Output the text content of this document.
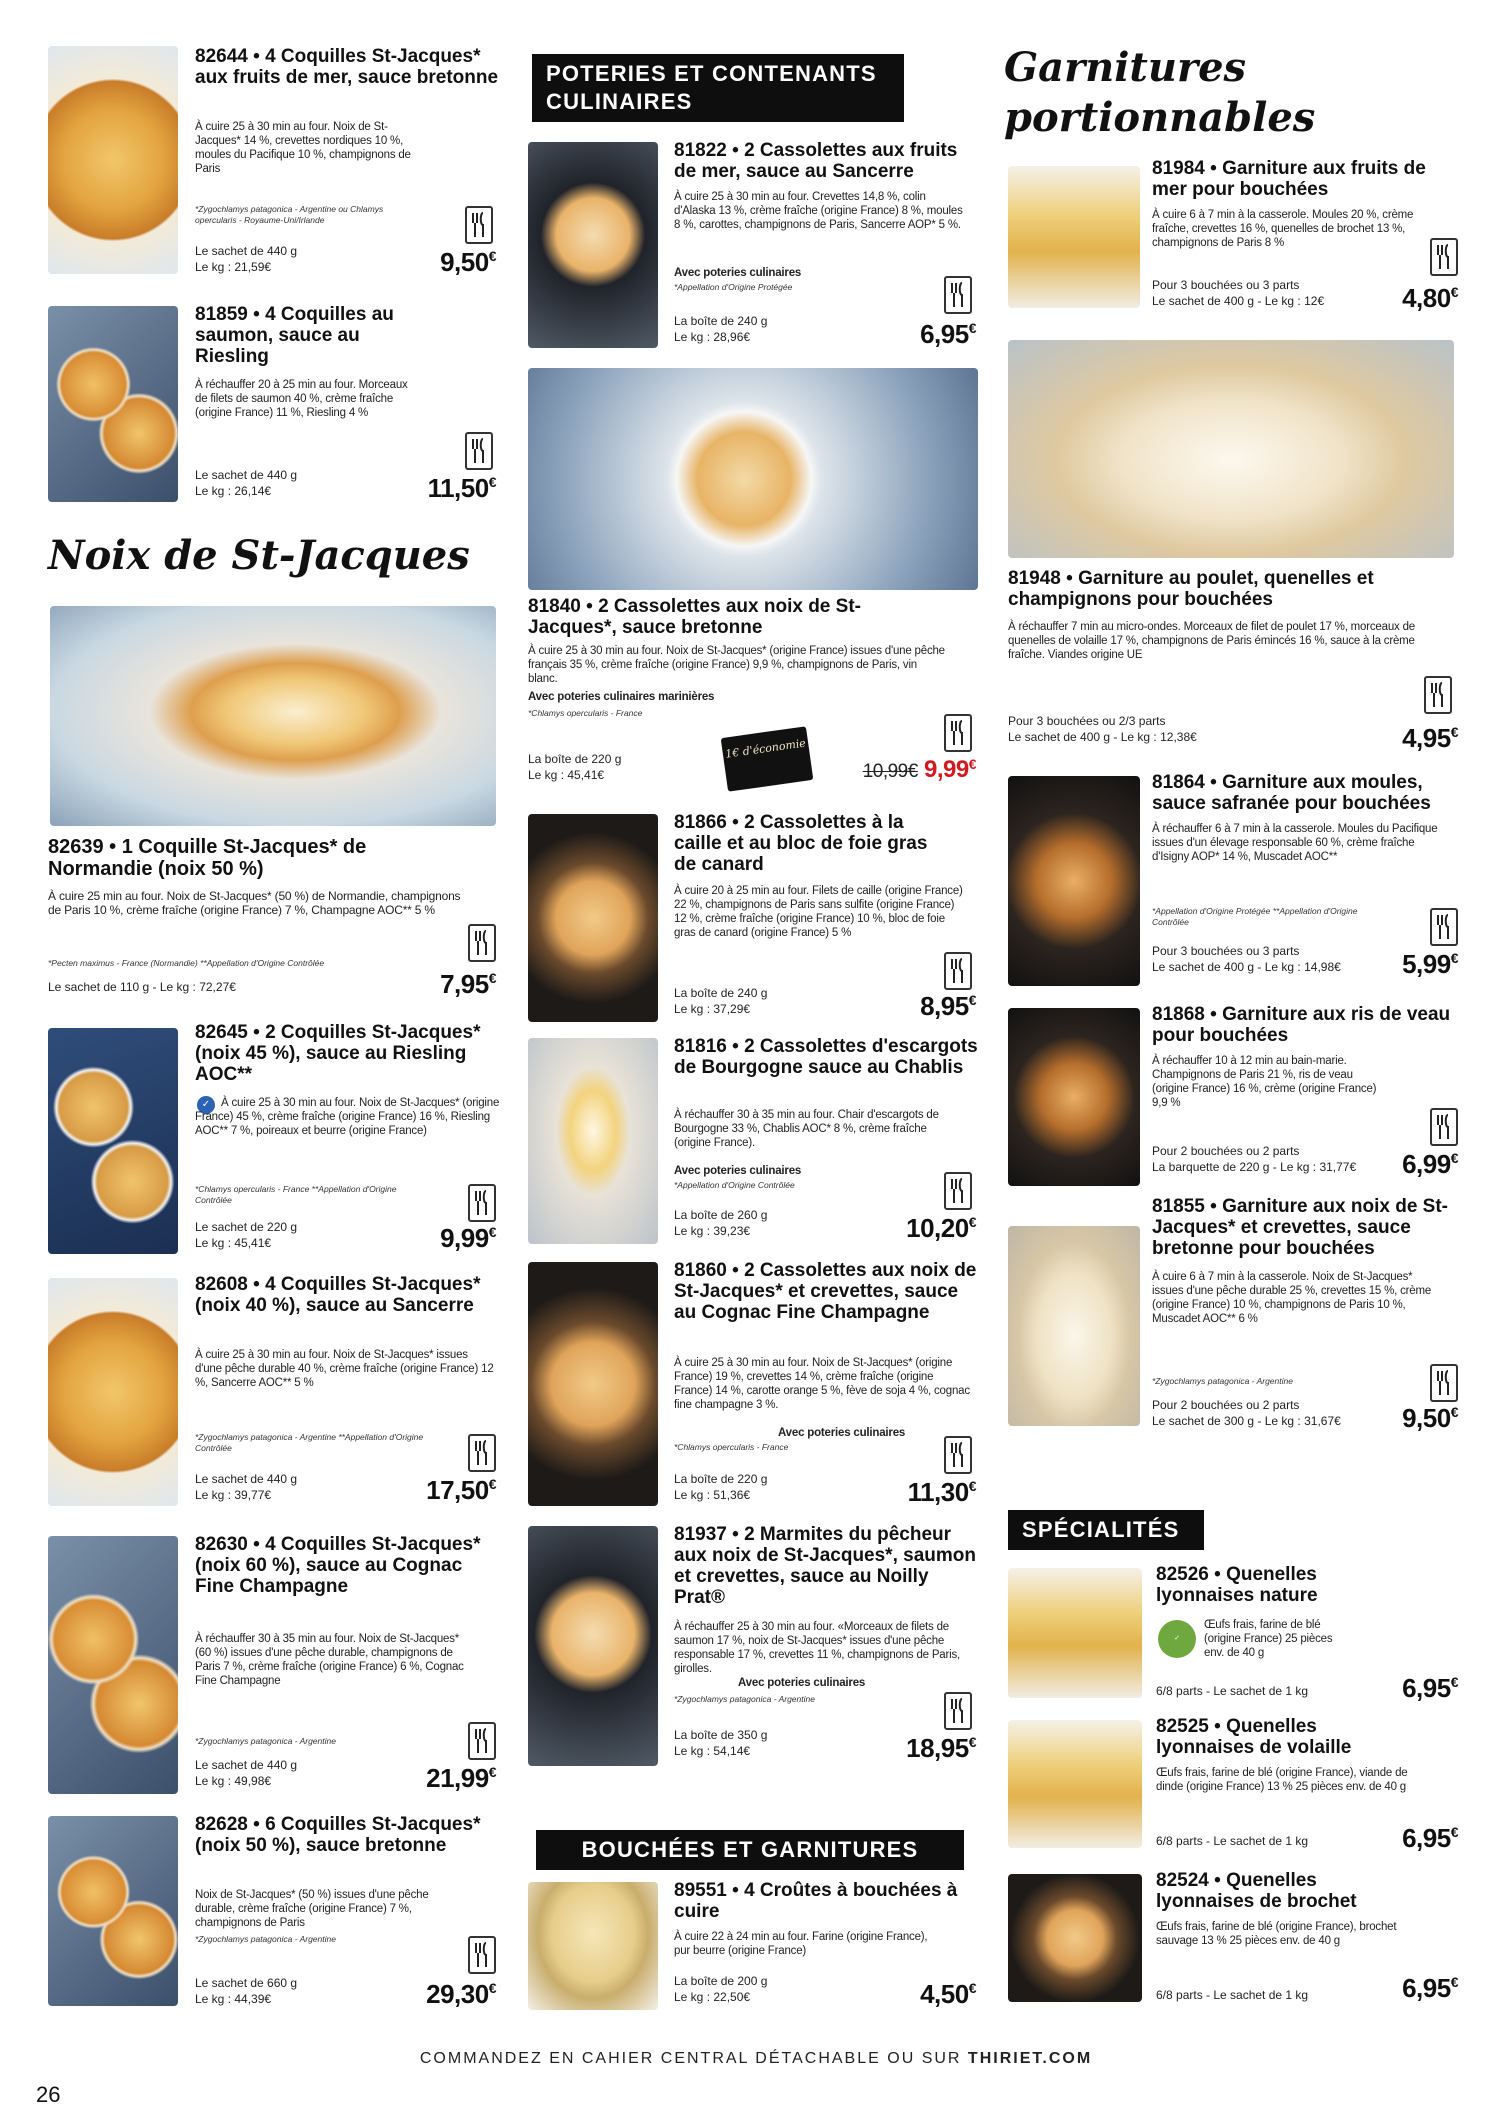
82644 • 4 Coquilles St-Jacques* aux fruits de mer, sauce bretonne
À cuire 25 à 30 min au four. Noix de St-Jacques* 14 %, crevettes nordiques 10 %, moules du Pacifique 10 %, champignons de Paris
*Zygochlamys patagonica - Argentine ou Chlamys opercularis - Royaume-Uni/Irlande
Le sachet de 440 g
Le kg : 21,59€	9,50€
81859 • 4 Coquilles au saumon, sauce au Riesling
À réchauffer 20 à 25 min au four. Morceaux de filets de saumon 40 %, crème fraîche (origine France) 11 %, Riesling 4 %
Le sachet de 440 g
Le kg : 26,14€	11,50€
Noix de St-Jacques
82639 • 1 Coquille St-Jacques* de Normandie (noix 50 %)
À cuire 25 min au four. Noix de St-Jacques* (50 %) de Normandie, champignons de Paris 10 %, crème fraîche (origine France) 7 %, Champagne AOC** 5 %
*Pecten maximus - France (Normandie) **Appellation d'Origine Contrôlée
Le sachet de 110 g - Le kg : 72,27€	7,95€
82645 • 2 Coquilles St-Jacques* (noix 45 %), sauce au Riesling AOC**
✓ À cuire 25 à 30 min au four. Noix de St-Jacques* (origine France) 45 %, crème fraîche (origine France) 16 %, Riesling AOC** 7 %, poireaux et beurre (origine France)
*Chlamys opercularis - France **Appellation d'Origine Contrôlée
Le sachet de 220 g
Le kg : 45,41€	9,99€
82608 • 4 Coquilles St-Jacques* (noix 40 %), sauce au Sancerre
À cuire 25 à 30 min au four. Noix de St-Jacques* issues d'une pêche durable 40 %, crème fraîche (origine France) 12 %, Sancerre AOC** 5 %
*Zygochlamys patagonica - Argentine **Appellation d'Origine Contrôlée
Le sachet de 440 g
Le kg : 39,77€	17,50€
82630 • 4 Coquilles St-Jacques* (noix 60 %), sauce au Cognac Fine Champagne
À réchauffer 30 à 35 min au four. Noix de St-Jacques* (60 %) issues d'une pêche durable, champignons de Paris 7 %, crème fraîche (origine France) 6 %, Cognac Fine Champagne
*Zygochlamys patagonica - Argentine
Le sachet de 440 g
Le kg : 49,98€	21,99€
82628 • 6 Coquilles St-Jacques* (noix 50 %), sauce bretonne
Noix de St-Jacques* (50 %) issues d'une pêche durable, crème fraîche (origine France) 7 %, champignons de Paris
*Zygochlamys patagonica - Argentine
Le sachet de 660 g
Le kg : 44,39€	29,30€
POTERIES ET CONTENANTS CULINAIRES
81822 • 2 Cassolettes aux fruits de mer, sauce au Sancerre
À cuire 25 à 30 min au four. Crevettes 14,8 %, colin d'Alaska 13 %, crème fraîche (origine France) 8 %, moules 8 %, carottes, champignons de Paris, Sancerre AOP* 5 %.
Avec poteries culinaires
*Appellation d'Origine Protégée
La boîte de 240 g
Le kg : 28,96€	6,95€
81840 • 2 Cassolettes aux noix de St-Jacques*, sauce bretonne
À cuire 25 à 30 min au four. Noix de St-Jacques* (origine France) issues d'une pêche français 35 %, crème fraîche (origine France) 9,9 %, champignons de Paris, vin blanc.
Avec poteries culinaires marinières
*Chlamys opercularis - France
1€ d'économie
La boîte de 220 g
Le kg : 45,41€	10,99€ 9,99€
81866 • 2 Cassolettes à la caille et au bloc de foie gras de canard
À cuire 20 à 25 min au four. Filets de caille (origine France) 22 %, champignons de Paris sans sulfite (origine France) 12 %, crème fraîche (origine France) 10 %, bloc de foie gras de canard (origine France) 5 %
La boîte de 240 g
Le kg : 37,29€	8,95€
81816 • 2 Cassolettes d'escargots de Bourgogne sauce au Chablis
À réchauffer 30 à 35 min au four. Chair d'escargots de Bourgogne 33 %, Chablis AOC* 8 %, crème fraîche (origine France).
Avec poteries culinaires
*Appellation d'Origine Contrôlée
La boîte de 260 g
Le kg : 39,23€	10,20€
81860 • 2 Cassolettes aux noix de St-Jacques* et crevettes, sauce au Cognac Fine Champagne
À cuire 25 à 30 min au four. Noix de St-Jacques* (origine France) 19 %, crevettes 14 %, crème fraîche (origine France) 14 %, carotte orange 5 %, fève de soja 4 %, cognac fine champagne 3 %.
Avec poteries culinaires
*Chlamys opercularis - France
La boîte de 220 g
Le kg : 51,36€	11,30€
81937 • 2 Marmites du pêcheur aux noix de St-Jacques*, saumon et crevettes, sauce au Noilly Prat®
À réchauffer 25 à 30 min au four. «Morceaux de filets de saumon 17 %, noix de St-Jacques* issues d'une pêche responsable 17 %, crevettes 11 %, champignons de Paris, girolles.
Avec poteries culinaires
*Zygochlamys patagonica - Argentine
La boîte de 350 g
Le kg : 54,14€	18,95€
BOUCHÉES ET GARNITURES
89551 • 4 Croûtes à bouchées à cuire
À cuire 22 à 24 min au four. Farine (origine France), pur beurre (origine France)
La boîte de 200 g
Le kg : 22,50€	4,50€
Garnitures
portionnables
81984 • Garniture aux fruits de mer pour bouchées
À cuire 6 à 7 min à la casserole. Moules 20 %, crème fraîche, crevettes 16 %, quenelles de brochet 13 %, champignons de Paris 8 %
Pour 3 bouchées ou 3 parts
Le sachet de 400 g - Le kg : 12€	4,80€
81948 • Garniture au poulet, quenelles et champignons pour bouchées
À réchauffer 7 min au micro-ondes. Morceaux de filet de poulet 17 %, morceaux de quenelles de volaille 17 %, champignons de Paris émincés 16 %, sauce à la crème fraîche. Viandes origine UE
Pour 3 bouchées ou 2/3 parts
Le sachet de 400 g - Le kg : 12,38€	4,95€
81864 • Garniture aux moules, sauce safranée pour bouchées
À réchauffer 6 à 7 min à la casserole. Moules du Pacifique issues d'un élevage responsable 60 %, crème fraîche d'Isigny AOP* 14 %, Muscadet AOC**
*Appellation d'Origine Protégée **Appellation d'Origine Contrôlée
Pour 3 bouchées ou 3 parts
Le sachet de 400 g - Le kg : 14,98€	5,99€
81868 • Garniture aux ris de veau pour bouchées
À réchauffer 10 à 12 min au bain-marie. Champignons de Paris 21 %, ris de veau (origine France) 16 %, crème (origine France) 9,9 %
Pour 2 bouchées ou 2 parts
La barquette de 220 g - Le kg : 31,77€	6,99€
81855 • Garniture aux noix de St-Jacques* et crevettes, sauce bretonne pour bouchées
À cuire 6 à 7 min à la casserole. Noix de St-Jacques* issues d'une pêche durable 25 %, crevettes 15 %, crème (origine France) 10 %, champignons de Paris 10 %, Muscadet AOC** 6 %
*Zygochlamys patagonica - Argentine
Pour 2 bouchées ou 2 parts
Le sachet de 300 g - Le kg : 31,67€	9,50€
SPÉCIALITÉS
82526 • Quenelles lyonnaises nature
✓
Œufs frais, farine de blé (origine France) 25 pièces env. de 40 g
6/8 parts - Le sachet de 1 kg	6,95€
82525 • Quenelles lyonnaises de volaille
Œufs frais, farine de blé (origine France), viande de dinde (origine France) 13 % 25 pièces env. de 40 g
6/8 parts - Le sachet de 1 kg	6,95€
82524 • Quenelles lyonnaises de brochet
Œufs frais, farine de blé (origine France), brochet sauvage 13 % 25 pièces env. de 40 g
6/8 parts - Le sachet de 1 kg	6,95€
COMMANDEZ EN CAHIER CENTRAL DÉTACHABLE OU SUR THIRIET.COM
26
